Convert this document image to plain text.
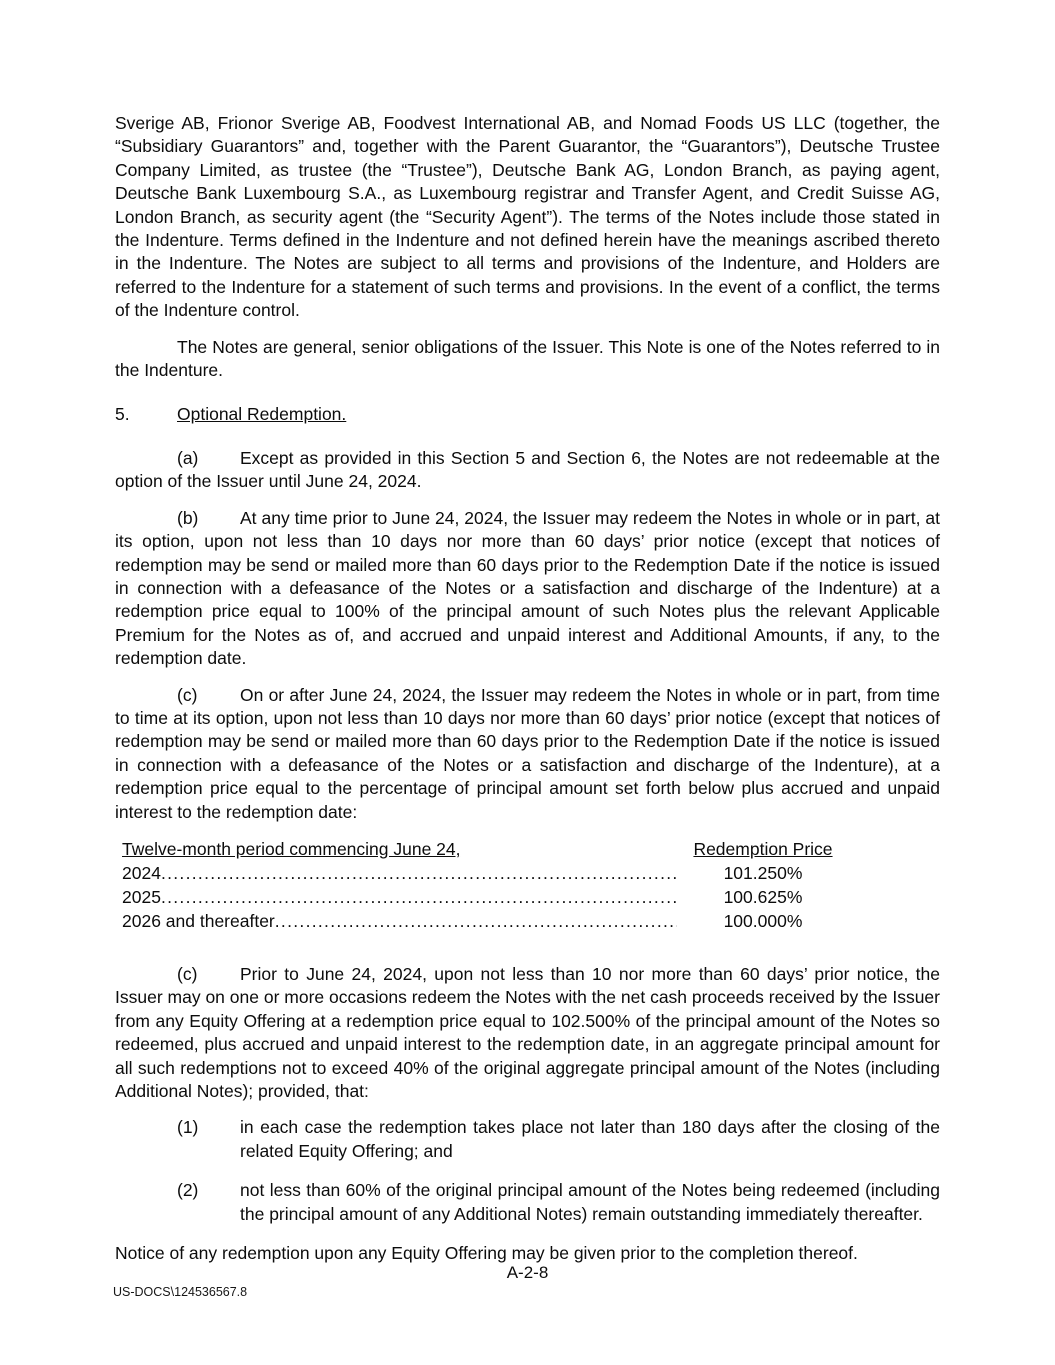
Sverige AB, Frionor Sverige AB, Foodvest International AB, and Nomad Foods US LLC (together, the “Subsidiary Guarantors” and, together with the Parent Guarantor, the “Guarantors”), Deutsche Trustee Company Limited, as trustee (the “Trustee”), Deutsche Bank AG, London Branch, as paying agent, Deutsche Bank Luxembourg S.A., as Luxembourg registrar and Transfer Agent, and Credit Suisse AG, London Branch, as security agent (the “Security Agent”). The terms of the Notes include those stated in the Indenture. Terms defined in the Indenture and not defined herein have the meanings ascribed thereto in the Indenture. The Notes are subject to all terms and provisions of the Indenture, and Holders are referred to the Indenture for a statement of such terms and provisions. In the event of a conflict, the terms of the Indenture control.

The Notes are general, senior obligations of the Issuer. This Note is one of the Notes referred to in the Indenture.

5.	Optional Redemption.

(a) Except as provided in this Section 5 and Section 6, the Notes are not redeemable at the option of the Issuer until June 24, 2024.

(b) At any time prior to June 24, 2024, the Issuer may redeem the Notes in whole or in part, at its option, upon not less than 10 days nor more than 60 days’ prior notice (except that notices of redemption may be send or mailed more than 60 days prior to the Redemption Date if the notice is issued in connection with a defeasance of the Notes or a satisfaction and discharge of the Indenture) at a redemption price equal to 100% of the principal amount of such Notes plus the relevant Applicable Premium for the Notes as of, and accrued and unpaid interest and Additional Amounts, if any, to the redemption date.

(c) On or after June 24, 2024, the Issuer may redeem the Notes in whole or in part, from time to time at its option, upon not less than 10 days nor more than 60 days’ prior notice (except that notices of redemption may be send or mailed more than 60 days prior to the Redemption Date if the notice is issued in connection with a defeasance of the Notes or a satisfaction and discharge of the Indenture), at a redemption price equal to the percentage of principal amount set forth below plus accrued and unpaid interest to the redemption date:

Twelve-month period commencing June 24,	Redemption Price
2024 .....	101.250%
2025 .....	100.625%
2026 and thereafter .....	100.000%

(c) Prior to June 24, 2024, upon not less than 10 nor more than 60 days’ prior notice, the Issuer may on one or more occasions redeem the Notes with the net cash proceeds received by the Issuer from any Equity Offering at a redemption price equal to 102.500% of the principal amount of the Notes so redeemed, plus accrued and unpaid interest to the redemption date, in an aggregate principal amount for all such redemptions not to exceed 40% of the original aggregate principal amount of the Notes (including Additional Notes); provided, that:

(1) in each case the redemption takes place not later than 180 days after the closing of the related Equity Offering; and

(2) not less than 60% of the original principal amount of the Notes being redeemed (including the principal amount of any Additional Notes) remain outstanding immediately thereafter.

Notice of any redemption upon any Equity Offering may be given prior to the completion thereof.

A-2-8
US-DOCS\124536567.8
